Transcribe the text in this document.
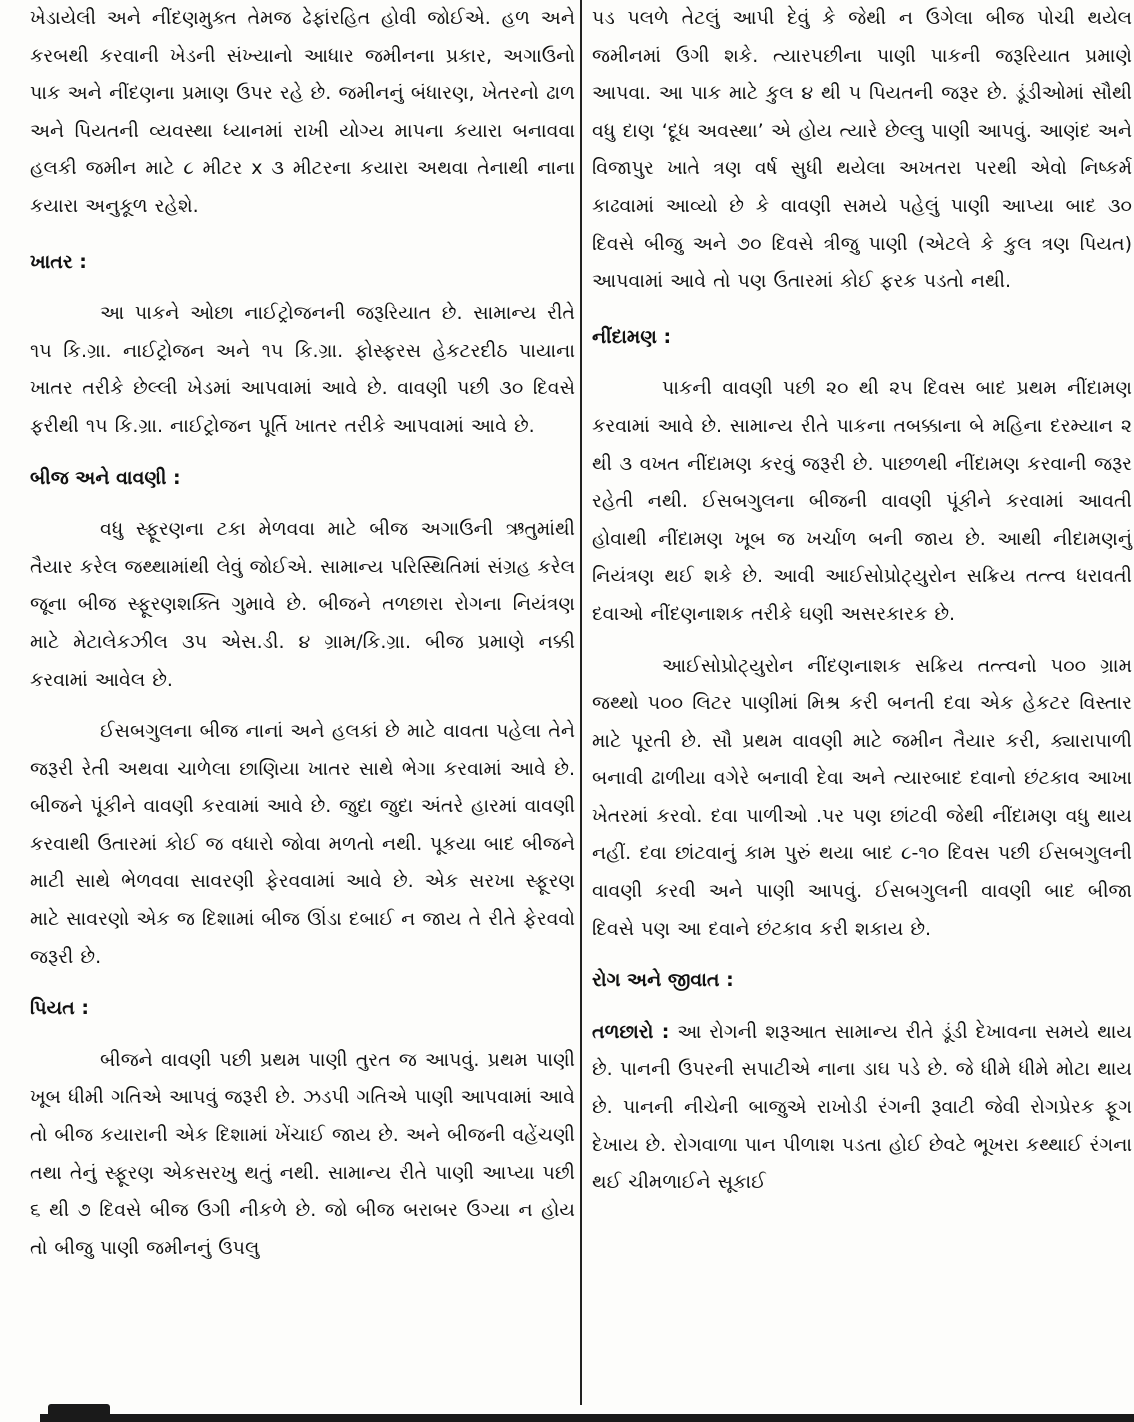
ખેડાયેલી અને નીંદણમુક્ત તેમજ ઢેફાંરહિત હોવી જોઈએ. હળ અને કરબથી કરવાની ખેડની સંખ્યાનો આધાર જમીનના પ્રકાર, અગાઉનો પાક અને નીંદણના પ્રમાણ ઉપર રહે છે. જમીનનું બંધારણ, ખેતરનો ઢાળ અને પિયતની વ્યવસ્થા ધ્યાનમાં રાખી યોગ્ય માપના કયારા બનાવવા હલકી જમીન માટે ૮ મીટર x ૩ મીટરના કયારા અથવા તેનાથી નાના કયારા અનુકૂળ રહેશે.

ખાતર :

આ પાકને ઓછા નાઈટ્રોજનની જરૂરિયાત છે. સામાન્ય રીતે ૧૫ કિ.ગ્રા. નાઈટ્રોજન અને ૧૫ કિ.ગ્રા. ફોસ્ફરસ હેકટરદીઠ પાયાના ખાતર તરીકે છેલ્લી ખેડમાં આપવામાં આવે છે. વાવણી પછી ૩૦ દિવસે ફરીથી ૧૫ કિ.ગ્રા. નાઈટ્રોજન પૂર્તિ ખાતર તરીકે આપવામાં આવે છે.

બીજ અને વાવણી :

વધુ સ્ફૂરણના ટકા મેળવવા માટે બીજ અગાઉની ઋતુમાંથી તૈયાર કરેલ જથ્થામાંથી લેવું જોઈએ. સામાન્ય પરિસ્થિતિમાં સંગ્રહ કરેલ જૂના બીજ સ્ફૂરણશક્તિ ગુમાવે છે. બીજને તળછારા રોગના નિયંત્રણ માટે મેટાલેકઝીલ ૩૫ એસ.ડી. ૪ ગ્રામ/કિ.ગ્રા. બીજ પ્રમાણે નક્કી કરવામાં આવેલ છે.

ઈસબગુલના બીજ નાનાં અને હલકાં છે માટે વાવતા પહેલા તેને જરૂરી રેતી અથવા ચાળેલા છાણિયા ખાતર સાથે ભેગા કરવામાં આવે છે. બીજને પૂંકીને વાવણી કરવામાં આવે છે. જુદા જુદા અંતરે હારમાં વાવણી કરવાથી ઉતારમાં કોઈ જ વધારો જોવા મળતો નથી. પૂકયા બાદ બીજને માટી સાથે ભેળવવા સાવરણી ફેરવવામાં આવે છે. એક સરખા સ્ફૂરણ માટે સાવરણો એક જ દિશામાં બીજ ઊંડા દબાઈ ન જાય તે રીતે ફેરવવો જરૂરી છે.

પિયત :

બીજને વાવણી પછી પ્રથમ પાણી તુરત જ આપવું. પ્રથમ પાણી ખૂબ ધીમી ગતિએ આપવું જરૂરી છે. ઝડપી ગતિએ પાણી આપવામાં આવે તો બીજ કયારાની એક દિશામાં ખેંચાઈ જાય છે. અને બીજની વહેંચણી તથા તેનું સ્ફૂરણ એકસરખુ થતું નથી. સામાન્ય રીતે પાણી આપ્યા પછી ૬ થી ૭ દિવસે બીજ ઉગી નીકળે છે. જો બીજ બરાબર ઉગ્યા ન હોય તો બીજુ પાણી જમીનનું ઉપલુ

પડ પલળે તેટલું આપી દેવું કે જેથી ન ઉગેલા બીજ પોચી થયેલ જમીનમાં ઉગી શકે. ત્યારપછીના પાણી પાકની જરૂરિયાત પ્રમાણે આપવા. આ પાક માટે કુલ ૪ થી ૫ પિયતની જરૂર છે. ડૂંડીઓમાં સૌથી વધુ દાણ ‘દૂધ અવસ્થા’ એ હોય ત્યારે છેલ્લુ પાણી આપવું. આણંદ અને વિજાપુર ખાતે ત્રણ વર્ષ સુધી થયેલા અખતરા પરથી એવો નિષ્કર્મ કાઢવામાં આવ્યો છે કે વાવણી સમયે પહેલું પાણી આપ્યા બાદ ૩૦ દિવસે બીજુ અને ૭૦ દિવસે ત્રીજુ પાણી (એટલે કે કુલ ત્રણ પિયત) આપવામાં આવે તો પણ ઉતારમાં કોઈ ફરક પડતો નથી.

નીંદામણ :

પાકની વાવણી પછી ૨૦ થી ૨૫ દિવસ બાદ પ્રથમ નીંદામણ કરવામાં આવે છે. સામાન્ય રીતે પાકના તબક્કાના બે મહિના દરમ્યાન ૨ થી ૩ વખત નીંદામણ કરવું જરૂરી છે. પાછળથી નીંદામણ કરવાની જરૂર રહેતી નથી. ઈસબગુલના બીજની વાવણી પૂંકીને કરવામાં આવતી હોવાથી નીંદામણ ખૂબ જ ખર્ચાળ બની જાય છે. આથી નીદામણનું નિયંત્રણ થઈ શકે છે. આવી આઈસોપ્રોટ્યુરોન સક્રિય તત્ત્વ ધરાવતી દવાઓ નીંદણનાશક તરીકે ઘણી અસરકારક છે.

આઈસોપ્રોટ્યુરોન નીંદણનાશક સક્રિય તત્ત્વનો ૫૦૦ ગ્રામ જથ્થો ૫૦૦ લિટર પાણીમાં મિશ્ર કરી બનતી દવા એક હેકટર વિસ્તાર માટે પૂરતી છે. સૌ પ્રથમ વાવણી માટે જમીન તૈયાર કરી, ક્યારાપાળી બનાવી ઢાળીયા વગેરે બનાવી દેવા અને ત્યારબાદ દવાનો છંટકાવ આખા ખેતરમાં કરવો. દવા પાળીઓ .પર પણ છાંટવી જેથી નીંદામણ વધુ થાય નહીં. દવા છાંટવાનું કામ પુરું થયા બાદ ૮-૧૦ દિવસ પછી ઈસબગુલની વાવણી કરવી અને પાણી આપવું. ઈસબગુલની વાવણી બાદ બીજા દિવસે પણ આ દવાને છંટકાવ કરી શકાય છે.

રોગ અને જીવાત :

તળછારો : આ રોગની શરૂઆત સામાન્ય રીતે ડૂંડી દેખાવના સમયે થાય છે. પાનની ઉપરની સપાટીએ નાના ડાઘ પડે છે. જે ધીમે ધીમે મોટા થાય છે. પાનની નીચેની બાજુએ રાખોડી રંગની રૂવાટી જેવી રોગપ્રેરક ફૂગ દેખાય છે. રોગવાળા પાન પીળાશ પડતા હોઈ છેવટે ભૂખરા કથ્થાઈ રંગના થઈ ચીમળાઈને સૂકાઈ
